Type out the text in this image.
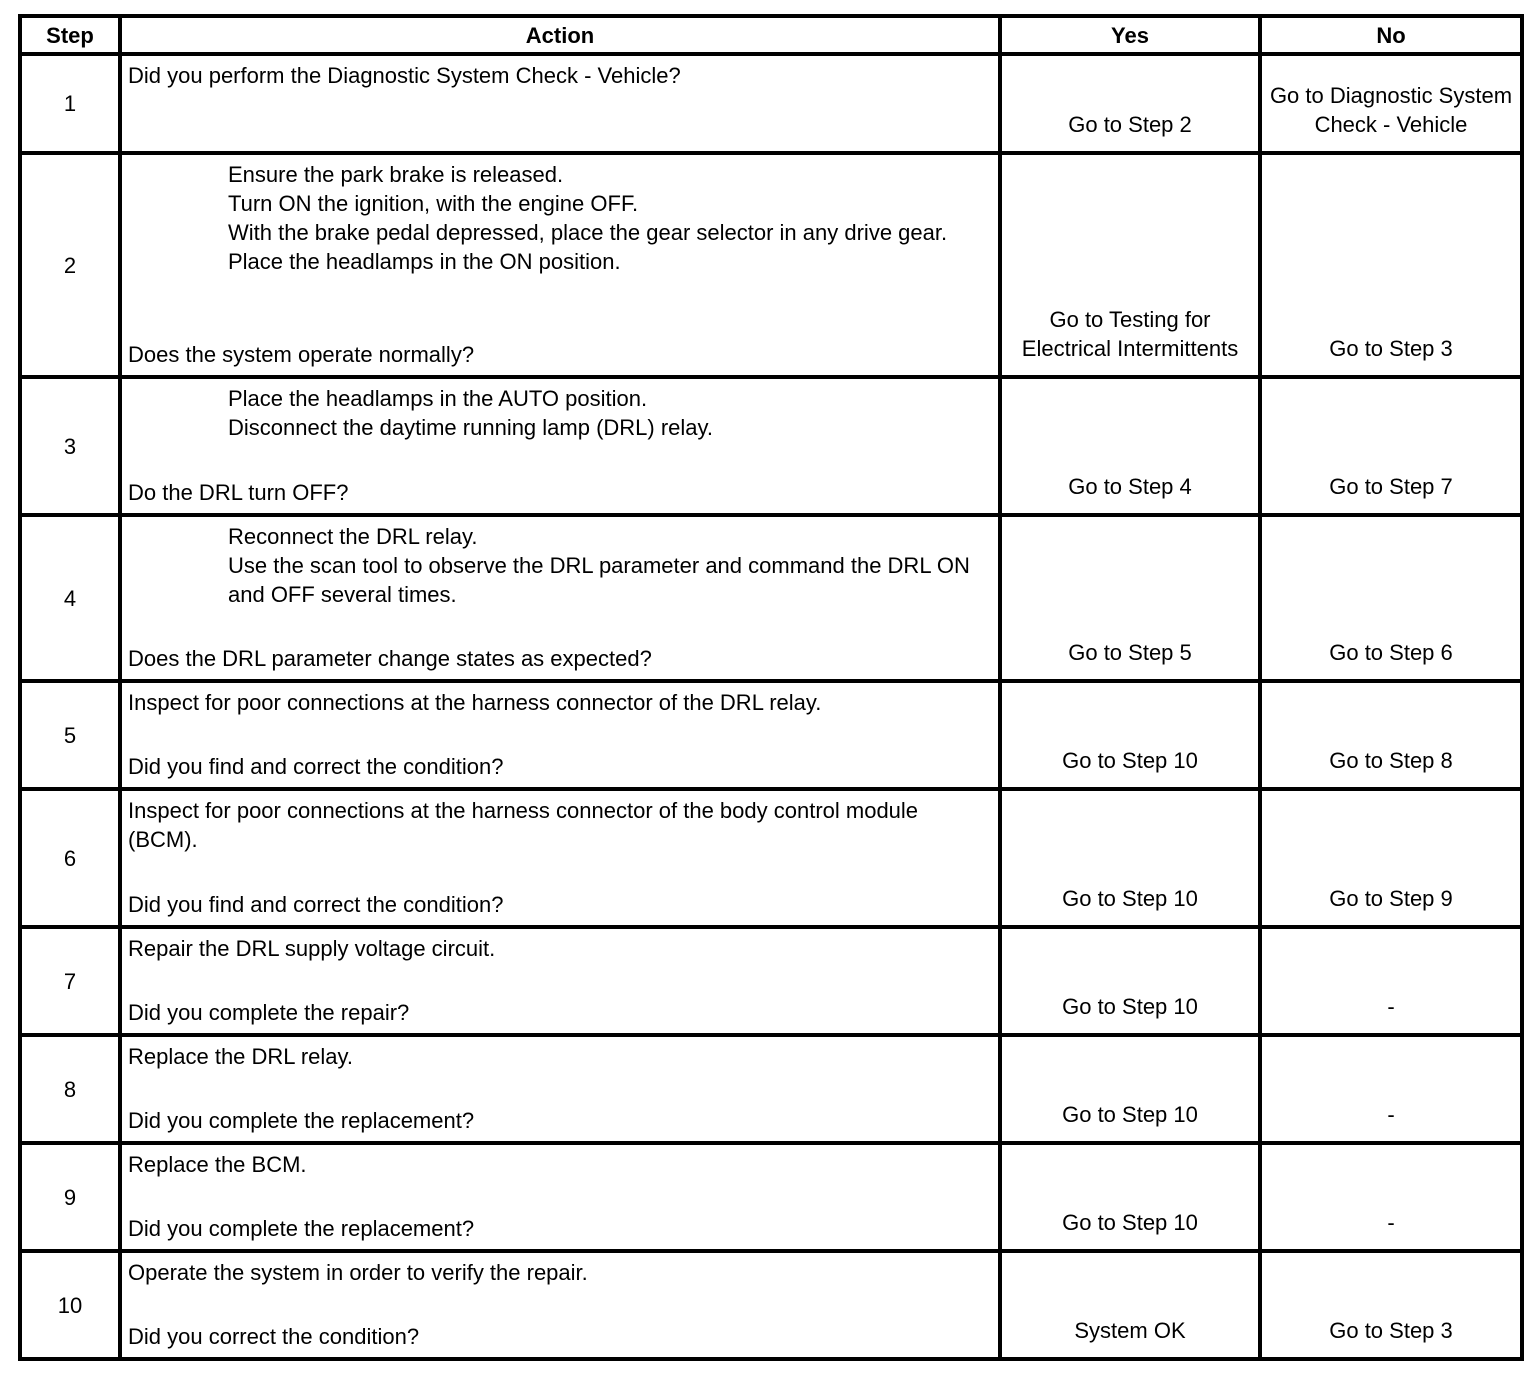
Step	Action	Yes	No
1	Did you perform the Diagnostic System Check - Vehicle?	Go to Step 2	Go to Diagnostic System Check - Vehicle

2	Ensure the park brake is released.
Turn ON the ignition, with the engine OFF.
With the brake pedal depressed, place the gear selector in any drive gear.
Place the headlamps in the ON position.
Does the system operate normally?	Go to Testing for Electrical Intermittents	Go to Step 3

3	Place the headlamps in the AUTO position.
Disconnect the daytime running lamp (DRL) relay.
Do the DRL turn OFF?	Go to Step 4	Go to Step 7

4	Reconnect the DRL relay.
Use the scan tool to observe the DRL parameter and command the DRL ON and OFF several times.
Does the DRL parameter change states as expected?	Go to Step 5	Go to Step 6

5	Inspect for poor connections at the harness connector of the DRL relay.
Did you find and correct the condition?	Go to Step 10	Go to Step 8

6	Inspect for poor connections at the harness connector of the body control module (BCM).
Did you find and correct the condition?	Go to Step 10	Go to Step 9

7	Repair the DRL supply voltage circuit.
Did you complete the repair?	Go to Step 10	-

8	Replace the DRL relay.
Did you complete the replacement?	Go to Step 10	-

9	Replace the BCM.
Did you complete the replacement?	Go to Step 10	-

10	Operate the system in order to verify the repair.
Did you correct the condition?	System OK	Go to Step 3
